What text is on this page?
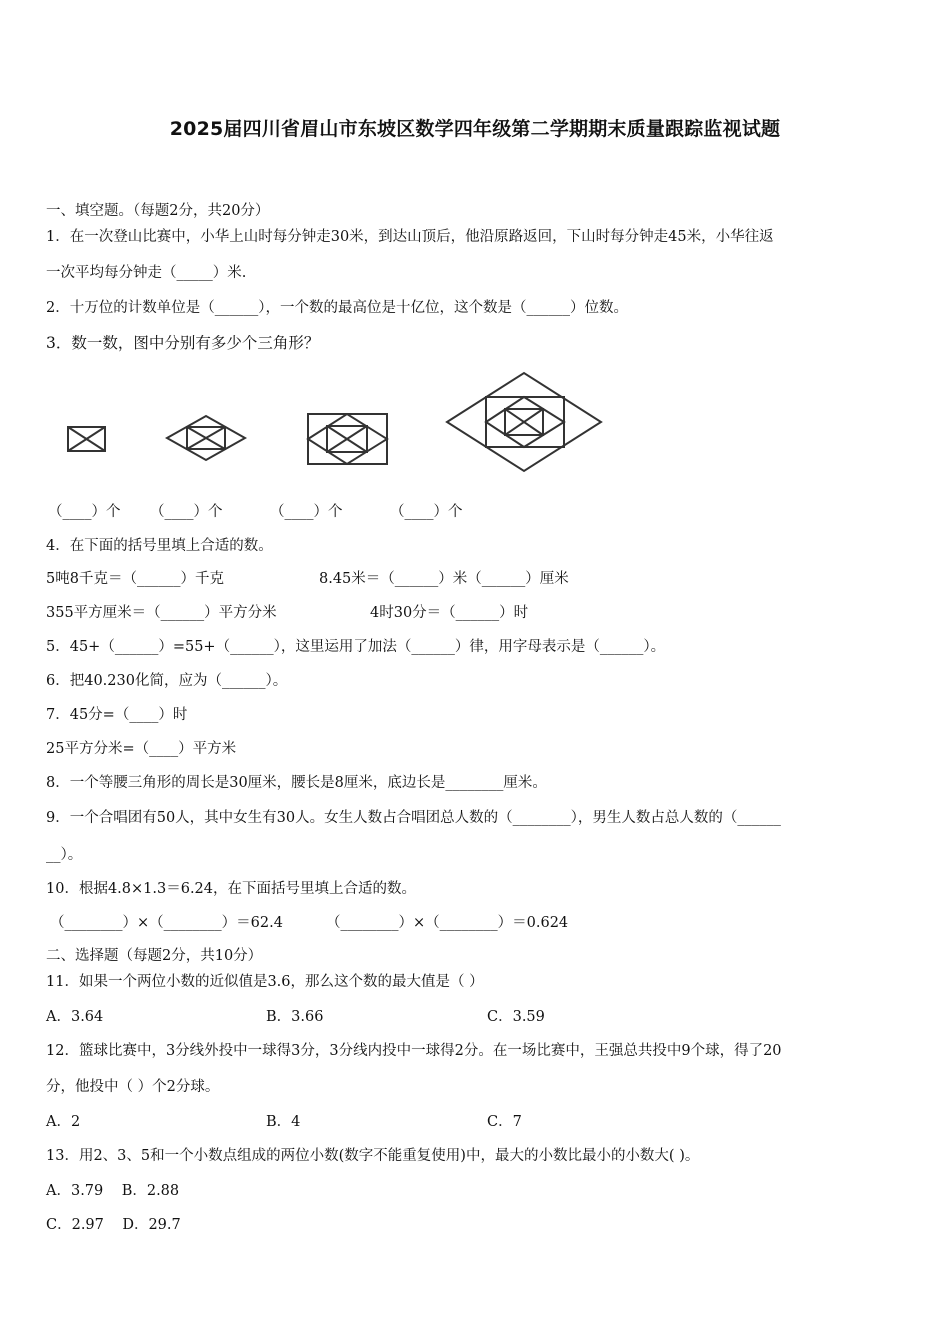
2025届四川省眉山市东坡区数学四年级第二学期期末质量跟踪监视试题
一、填空题。（每题2分，共20分）
1．在一次登山比赛中，小华上山时每分钟走30米，到达山顶后，他沿原路返回，下山时每分钟走45米，小华往返
一次平均每分钟走（_____）米.
2．十万位的计数单位是（______），一个数的最高位是十亿位，这个数是（______）位数。
3．数一数，图中分别有多少个三角形？
（____）个 （____）个	（____）个	（____）个
4．在下面的括号里填上合适的数。
5吨8千克＝（______）千克	8.45米＝（______）米（______）厘米
355平方厘米＝（______）平方分米	4时30分＝（______）时
5．45+（______）=55+（______），这里运用了加法（______）律，用字母表示是（______）。
6．把40.230化简，应为（______）。
7．45分=（____）时
25平方分米=（____）平方米
8．一个等腰三角形的周长是30厘米，腰长是8厘米，底边长是________厘米。
9．一个合唱团有50人，其中女生有30人。女生人数占合唱团总人数的（________），男生人数占总人数的（______
__）。
10．根据4.8×1.3＝6.24，在下面括号里填上合适的数。
（________）×（________）＝62.4	（________）×（________）＝0.624
二、选择题（每题2分，共10分）
11．如果一个两位小数的近似值是3.6，那么这个数的最大值是（ ）
A．3.64	B．3.66	C．3.59
12．篮球比赛中，3分线外投中一球得3分，3分线内投中一球得2分。在一场比赛中，王强总共投中9个球，得了20
分，他投中（ ）个2分球。
A．2	B．4	C．7
13．用2、3、5和一个小数点组成的两位小数(数字不能重复使用)中，最大的小数比最小的小数大( )。
A．3.79    B．2.88
C．2.97    D．29.7
